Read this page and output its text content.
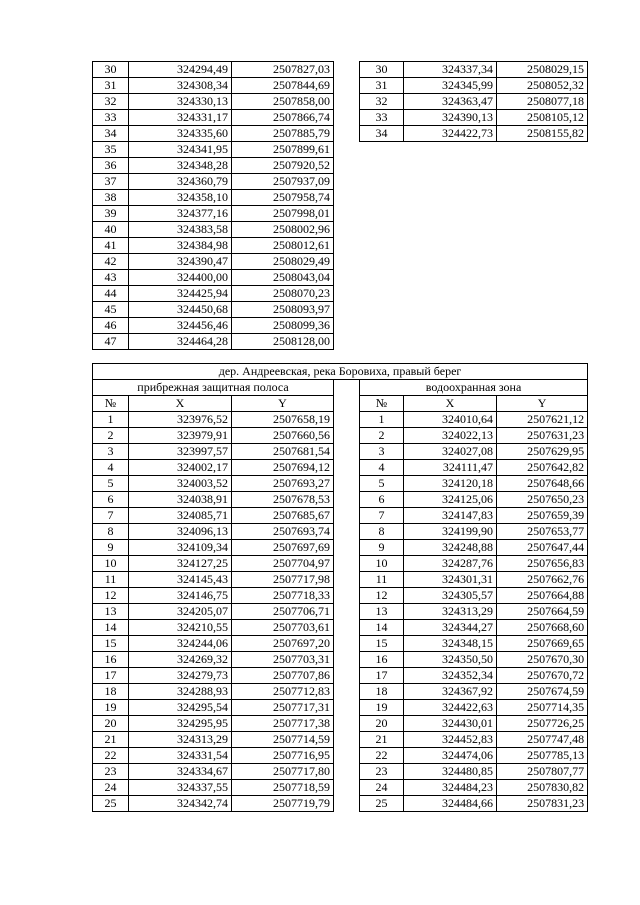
30	324294,49	2507827,03
31	324308,34	2507844,69
32	324330,13	2507858,00
33	324331,17	2507866,74
34	324335,60	2507885,79
35	324341,95	2507899,61
36	324348,28	2507920,52
37	324360,79	2507937,09
38	324358,10	2507958,74
39	324377,16	2507998,01
40	324383,58	2508002,96
41	324384,98	2508012,61
42	324390,47	2508029,49
43	324400,00	2508043,04
44	324425,94	2508070,23
45	324450,68	2508093,97
46	324456,46	2508099,36
47	324464,28	2508128,00
30	324337,34	2508029,15
31	324345,99	2508052,32
32	324363,47	2508077,18
33	324390,13	2508105,12
34	324422,73	2508155,82
дер. Андреевская, река Боровиха, правый берег						
прибрежная защитная полоса				водоохранная зона		
№	X	Y		№	X	Y
1	323976,52	2507658,19		1	324010,64	2507621,12
2	323979,91	2507660,56		2	324022,13	2507631,23
3	323997,57	2507681,54		3	324027,08	2507629,95
4	324002,17	2507694,12		4	324111,47	2507642,82
5	324003,52	2507693,27		5	324120,18	2507648,66
6	324038,91	2507678,53		6	324125,06	2507650,23
7	324085,71	2507685,67		7	324147,83	2507659,39
8	324096,13	2507693,74		8	324199,90	2507653,77
9	324109,34	2507697,69		9	324248,88	2507647,44
10	324127,25	2507704,97		10	324287,76	2507656,83
11	324145,43	2507717,98		11	324301,31	2507662,76
12	324146,75	2507718,33		12	324305,57	2507664,88
13	324205,07	2507706,71		13	324313,29	2507664,59
14	324210,55	2507703,61		14	324344,27	2507668,60
15	324244,06	2507697,20		15	324348,15	2507669,65
16	324269,32	2507703,31		16	324350,50	2507670,30
17	324279,73	2507707,86		17	324352,34	2507670,72
18	324288,93	2507712,83		18	324367,92	2507674,59
19	324295,54	2507717,31		19	324422,63	2507714,35
20	324295,95	2507717,38		20	324430,01	2507726,25
21	324313,29	2507714,59		21	324452,83	2507747,48
22	324331,54	2507716,95		22	324474,06	2507785,13
23	324334,67	2507717,80		23	324480,85	2507807,77
24	324337,55	2507718,59		24	324484,23	2507830,82
25	324342,74	2507719,79		25	324484,66	2507831,23
